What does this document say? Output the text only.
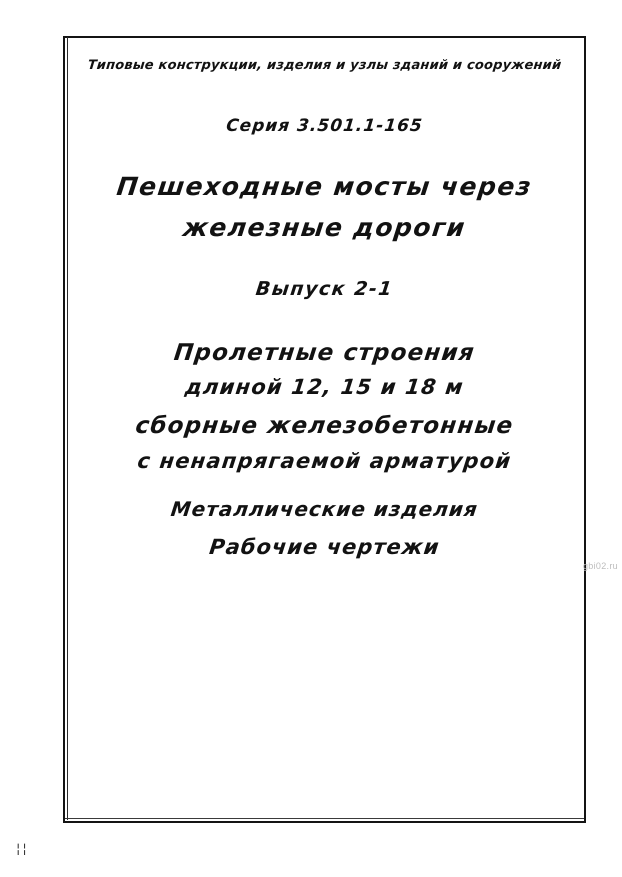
Типовые конструкции, изделия и узлы зданий и сооружений
Серия 3.501.1-165
Пешеходные мосты через
железные дороги
Выпуск 2-1
Пролетные строения
длиной 12, 15 и 18 м
сборные железобетонные
с ненапрягаемой арматурой
Металлические изделия
Рабочие чертежи
gbi02.ru
¦¦
